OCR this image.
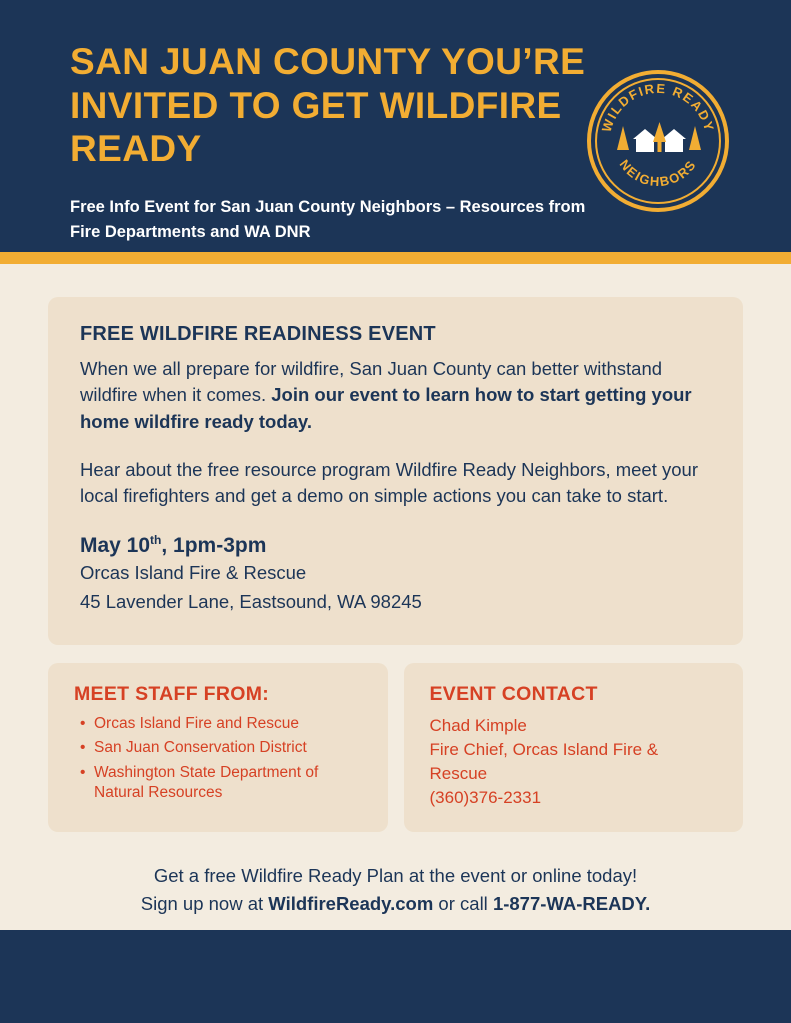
SAN JUAN COUNTY YOU’RE INVITED TO GET WILDFIRE READY
Free Info Event for San Juan County Neighbors – Resources from Fire Departments and WA DNR
WILDFIRE READY
NEIGHBORS
FREE WILDFIRE READINESS EVENT

When we all prepare for wildfire, San Juan County can better withstand wildfire when it comes. Join our event to learn how to start getting your home wildfire ready today.

Hear about the free resource program Wildfire Ready Neighbors, meet your local firefighters and get a demo on simple actions you can take to start.

May 10th, 1pm-3pm
Orcas Island Fire & Rescue
45 Lavender Lane, Eastsound, WA 98245
MEET STAFF FROM:
• Orcas Island Fire and Rescue
• San Juan Conservation District
• Washington State Department of Natural Resources
EVENT CONTACT
Chad Kimple
Fire Chief, Orcas Island Fire & Rescue
(360)376-2331
Get a free Wildfire Ready Plan at the event or online today!
Sign up now at WildfireReady.com or call 1-877-WA-READY.
